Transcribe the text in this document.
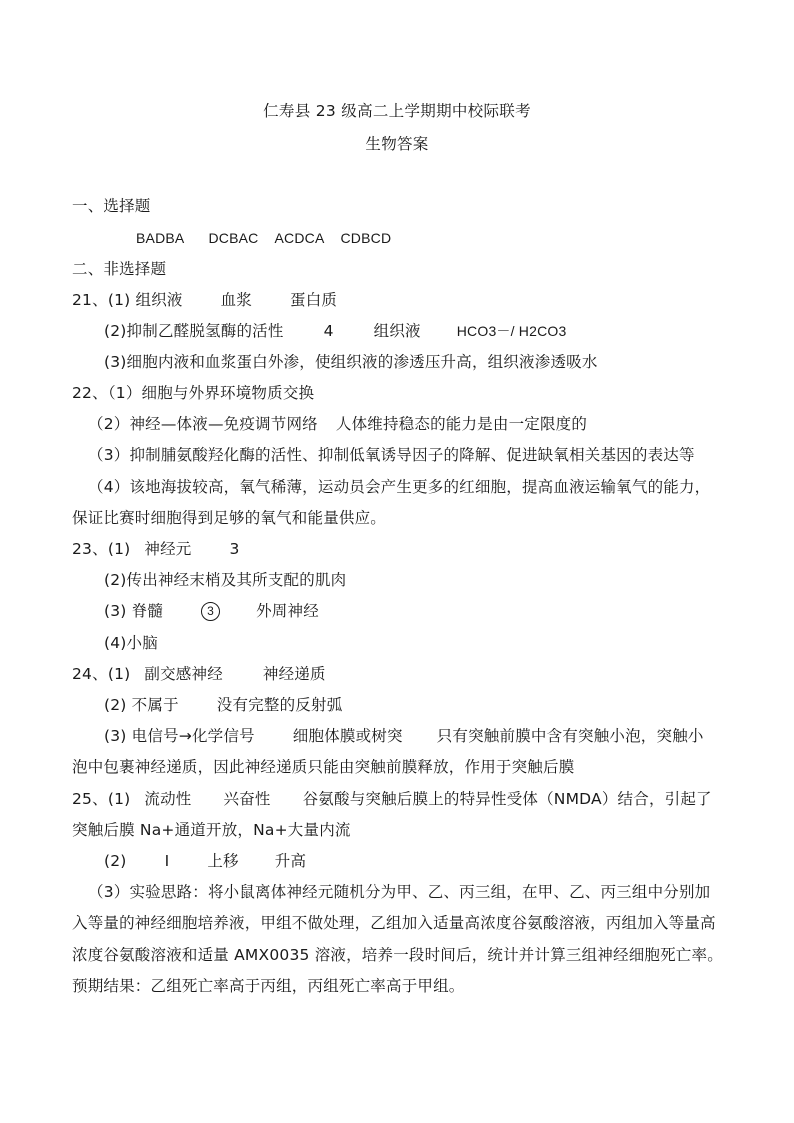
仁寿县 23 级高二上学期期中校际联考
生物答案
一、选择题
BADBA DCBAC ACDCA CDBCD
二、非选择题
21、(1) 组织液 血浆 蛋白质
(2)抑制乙醛脱氢酶的活性	4	组织液	HCO3－/ H2CO3
(3)细胞内液和血浆蛋白外渗，使组织液的渗透压升高，组织液渗透吸水
22、（1）细胞与外界环境物质交换
（2）神经—体液—免疫调节网络 人体维持稳态的能力是由一定限度的
（3）抑制脯氨酸羟化酶的活性、抑制低氧诱导因子的降解、促进缺氧相关基因的表达等
（4）该地海拔较高，氧气稀薄，运动员会产生更多的红细胞，提高血液运输氧气的能力，
保证比赛时细胞得到足够的氧气和能量供应。
23、(1) 神经元 3
(2)传出神经末梢及其所支配的肌肉
(3) 脊髓	3	外周神经
(4)小脑
24、(1) 副交感神经	神经递质
(2) 不属于 没有完整的反射弧
(3) 电信号→化学信号 细胞体膜或树突 只有突触前膜中含有突触小泡，突触小
泡中包裹神经递质，因此神经递质只能由突触前膜释放，作用于突触后膜
25、(1) 流动性 兴奋性 谷氨酸与突触后膜上的特异性受体（NMDA）结合，引起了
突触后膜 Na+通道开放，Na+大量内流
(2) I 上移 升高
（3）实验思路：将小鼠离体神经元随机分为甲、乙、丙三组，在甲、乙、丙三组中分别加
入等量的神经细胞培养液，甲组不做处理，乙组加入适量高浓度谷氨酸溶液，丙组加入等量高
浓度谷氨酸溶液和适量 AMX0035 溶液，培养一段时间后，统计并计算三组神经细胞死亡率。
预期结果：乙组死亡率高于丙组，丙组死亡率高于甲组。
